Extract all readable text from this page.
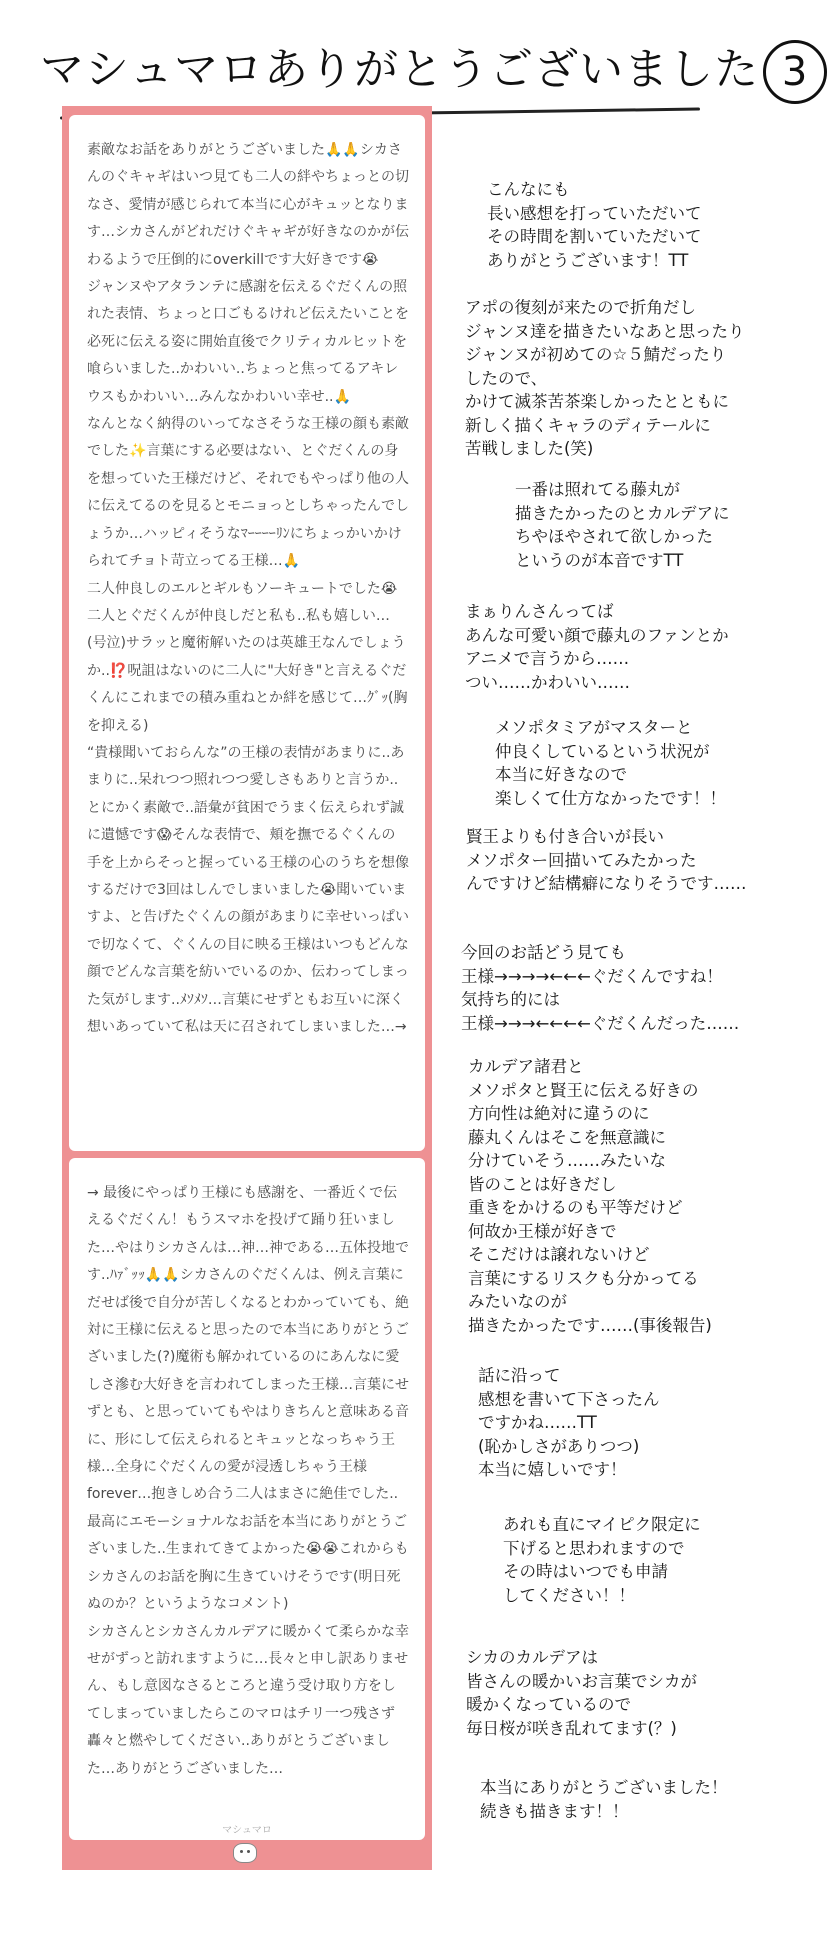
マシュマロありがとうございました 3

素敵なお話をありがとうございました🙏🙏シカさんのぐキャギはいつ見ても二人の絆やちょっとの切なさ、愛情が感じられて本当に心がキュッとなります…シカさんがどれだけぐキャギが好きなのかが伝わるようで圧倒的にoverkillです大好きです😭

ジャンヌやアタランテに感謝を伝えるぐだくんの照れた表情、ちょっと口ごもるけれど伝えたいことを必死に伝える姿に開始直後でクリティカルヒットを喰らいました..かわいい..ちょっと焦ってるアキレウスもかわいい…みんなかわいい幸せ..🙏

なんとなく納得のいってなさそうな王様の顔も素敵でした✨言葉にする必要はない、とぐだくんの身を想っていた王様だけど、それでもやっぱり他の人に伝えてるのを見るとモニョっとしちゃったんでしょうか…ハッピィそうなﾏｰｰｰｰﾘﾝにちょっかいかけられてチョト苛立ってる王様…🙏

二人仲良しのエルとギルもソーキュートでした😭二人とぐだくんが仲良しだと私も..私も嬉しい…(号泣)サラッと魔術解いたのは英雄王なんでしょうか..⁉️呪詛はないのに二人に"大好き"と言えるぐだくんにこれまでの積み重ねとか絆を感じて…ｸﾞｯ(胸を抑える)

“貴様聞いておらんな”の王様の表情があまりに..あまりに..呆れつつ照れつつ愛しさもありと言うか..とにかく素敵で..語彙が貧困でうまく伝えられず誠に遺憾です😱そんな表情で、頬を撫でるぐくんの手を上からそっと握っている王様の心のうちを想像するだけで3回はしんでしまいました😭聞いていますよ、と告げたぐくんの顔があまりに幸せいっぱいで切なくて、ぐくんの目に映る王様はいつもどんな顔でどんな言葉を紡いでいるのか、伝わってしまった気がします..ﾒｿﾒｿ…言葉にせずともお互いに深く想いあっていて私は天に召されてしまいました…→

→ 最後にやっぱり王様にも感謝を、一番近くで伝えるぐだくん！もうスマホを投げて踊り狂いました…やはりシカさんは…神…神である…五体投地です..ﾊｧﾞｯｯ🙏🙏シカさんのぐだくんは、例え言葉にだせば後で自分が苦しくなるとわかっていても、絶対に王様に伝えると思ったので本当にありがとうございました(?)魔術も解かれているのにあんなに愛しさ滲む大好きを言われてしまった王様…言葉にせずとも、と思っていてもやはりきちんと意味ある音に、形にして伝えられるとキュッとなっちゃう王様…全身にぐだくんの愛が浸透しちゃう王様forever…抱きしめ合う二人はまさに絶佳でした..最高にエモーショナルなお話を本当にありがとうございました..生まれてきてよかった😭😭これからもシカさんのお話を胸に生きていけそうです(明日死ぬのか？というようなコメント)

シカさんとシカさんカルデアに暖かくて柔らかな幸せがずっと訪れますように…長々と申し訳ありません、もし意図なさるところと違う受け取り方をしてしまっていましたらこのマロはチリ一つ残さず轟々と燃やしてください..ありがとうございました…ありがとうございました…

マシュマロ

こんなにも
長い感想を打っていただいて
その時間を割いていただいて
ありがとうございます！TT

アポの復刻が来たので折角だし
ジャンヌ達を描きたいなあと思ったり
ジャンヌが初めての☆５鯖だったり
したので、
かけて滅茶苦茶楽しかったとともに
新しく描くキャラのディテールに
苦戦しました(笑)

一番は照れてる藤丸が
描きたかったのとカルデアに
ちやほやされて欲しかった
というのが本音ですTT

まぁりんさんってば
あんな可愛い顔で藤丸のファンとか
アニメで言うから……
つい……かわいい……

メソポタミアがマスターと
仲良くしているという状況が
本当に好きなので
楽しくて仕方なかったです！！

賢王よりも付き合いが長い
メソポター回描いてみたかった
んですけど結構癖になりそうです……

今回のお話どう見ても
王様→→→→←←←ぐだくんですね！
気持ち的には
王様→→→←←←←ぐだくんだった……

カルデア諸君と
メソポタと賢王に伝える好きの
方向性は絶対に違うのに
藤丸くんはそこを無意識に
分けていそう……みたいな
皆のことは好きだし
重きをかけるのも平等だけど
何故か王様が好きで
そこだけは譲れないけど
言葉にするリスクも分かってる
みたいなのが
描きたかったです……(事後報告)

話に沿って
感想を書いて下さったん
ですかね……TT
(恥かしさがありつつ)
本当に嬉しいです！

あれも直にマイピク限定に
下げると思われますので
その時はいつでも申請
してください！！

シカのカルデアは
皆さんの暖かいお言葉でシカが
暖かくなっているので
毎日桜が咲き乱れてます(？)

本当にありがとうございました！
続きも描きます！！
